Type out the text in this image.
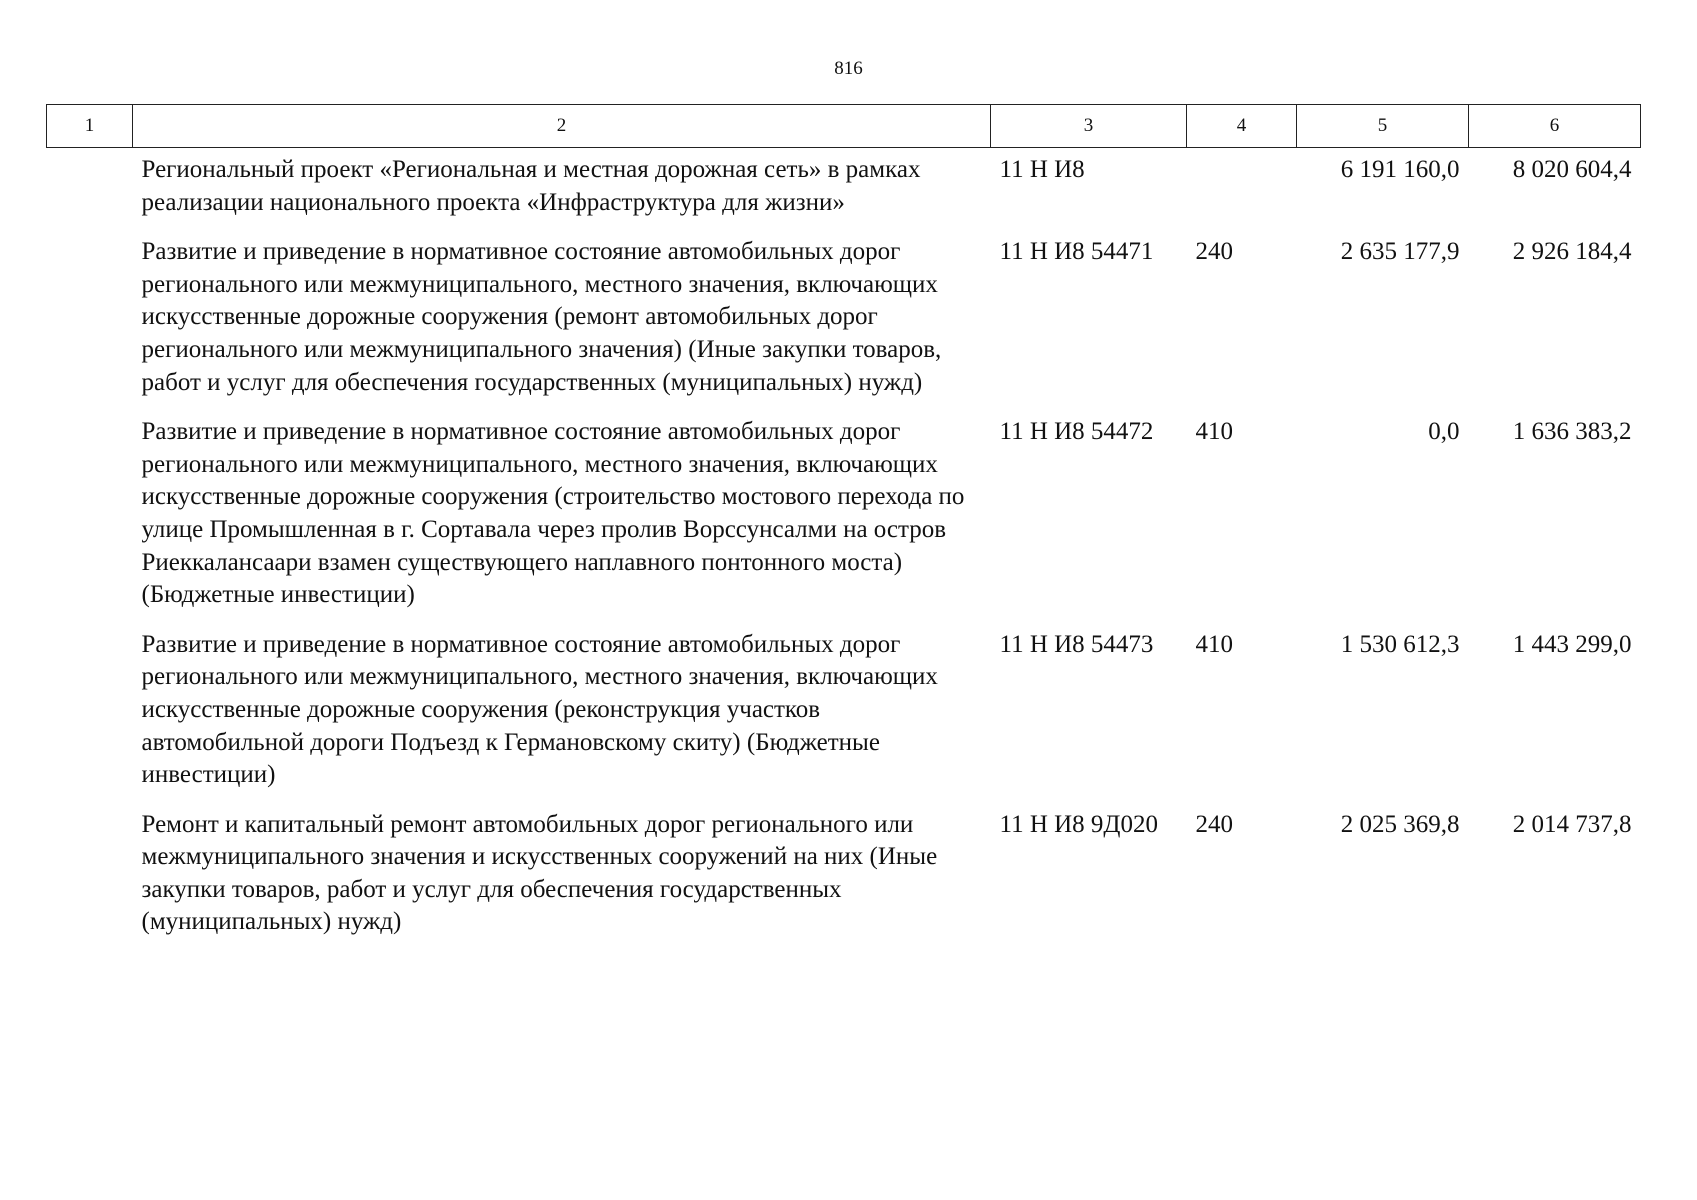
816
1	2	3	4	5	6
	Региональный проект «Региональная и местная дорожная сеть» в рамках реализации национального проекта «Инфраструктура для жизни»	11 Н И8		6 191 160,0	8 020 604,4
	Развитие и приведение в нормативное состояние автомобильных дорог регионального или межмуниципального, местного значения, включающих искусственные дорожные сооружения (ремонт автомобильных дорог регионального или межмуниципального значения) (Иные закупки товаров, работ и услуг для обеспечения государственных (муниципальных) нужд)	11 Н И8 54471	240	2 635 177,9	2 926 184,4
	Развитие и приведение в нормативное состояние автомобильных дорог регионального или межмуниципального, местного значения, включающих искусственные дорожные сооружения (строительство мостового перехода по улице Промышленная в г. Сортавала через пролив Ворссунсалми на остров Риеккалансаари взамен существующего наплавного понтонного моста) (Бюджетные инвестиции)	11 Н И8 54472	410	0,0	1 636 383,2
	Развитие и приведение в нормативное состояние автомобильных дорог регионального или межмуниципального, местного значения, включающих искусственные дорожные сооружения (реконструкция участков автомобильной дороги Подъезд к Германовскому скиту) (Бюджетные инвестиции)	11 Н И8 54473	410	1 530 612,3	1 443 299,0
	Ремонт и капитальный ремонт автомобильных дорог регионального или межмуниципального значения и искусственных сооружений на них (Иные закупки товаров, работ и услуг для обеспечения государственных (муниципальных) нужд)	11 Н И8 9Д020	240	2 025 369,8	2 014 737,8
